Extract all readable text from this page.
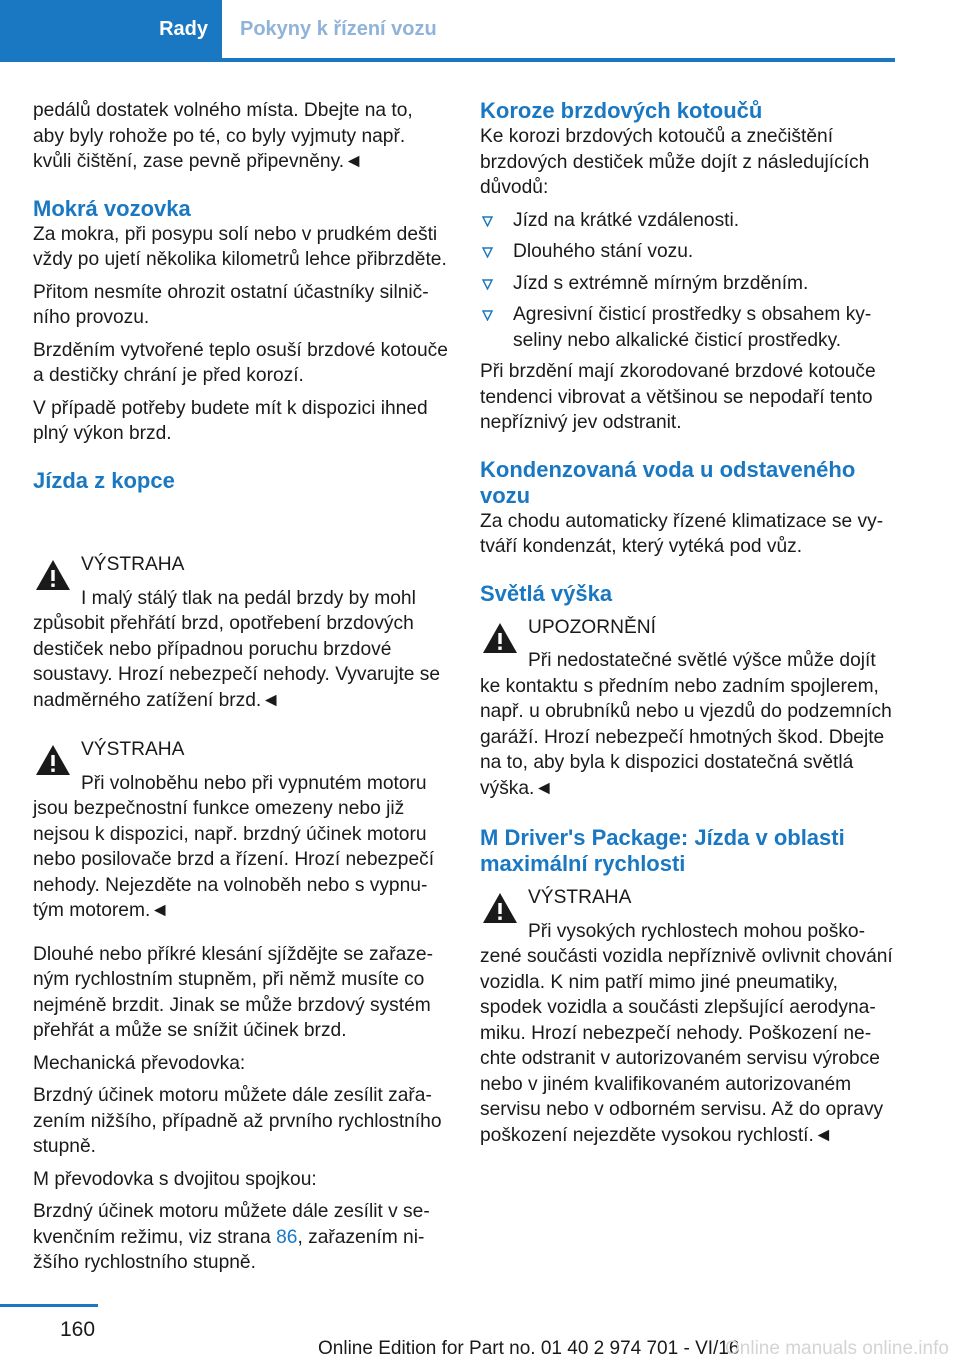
Rady Pokyny k řízení vozu

pedálů dostatek volného místa. Dbejte na to, aby byly rohože po té, co byly vyjmuty např. kvůli čištění, zase pevně připevněny.◄

Mokrá vozovka

Za mokra, při posypu solí nebo v prudkém dešti vždy po ujetí několika kilometrů lehce přibrzděte.

Přitom nesmíte ohrozit ostatní účastníky silničního provozu.

Brzděním vytvořené teplo osuší brzdové kotouče a destičky chrání je před korozí.

V případě potřeby budete mít k dispozici ihned plný výkon brzd.

Jízda z kopce
VÝSTRAHA
I malý stálý tlak na pedál brzdy by mohl způsobit přehřátí brzd, opotřebení brzdových destiček nebo případnou poruchu brzdové soustavy. Hrozí nebezpečí nehody. Vyvarujte se nadměrného zatížení brzd.◄
VÝSTRAHA
Při volnoběhu nebo při vypnutém motoru jsou bezpečnostní funkce omezeny nebo již nejsou k dispozici, např. brzdný účinek motoru nebo posilovače brzd a řízení. Hrozí nebezpečí nehody. Nejezděte na volnoběh nebo s vypnutým motorem.◄

Dlouhé nebo příkré klesání sjíždějte se zařazeným rychlostním stupněm, při němž musíte co nejméně brzdit. Jinak se může brzdový systém přehřát a může se snížit účinek brzd.

Mechanická převodovka:

Brzdný účinek motoru můžete dále zesílit zařazením nižšího, případně až prvního rychlostního stupně.

M převodovka s dvojitou spojkou:

Brzdný účinek motoru můžete dále zesílit v sekvenčním režimu, viz strana 86, zařazením nižšího rychlostního stupně.

Koroze brzdových kotoučů

Ke korozi brzdových kotoučů a znečištění brzdových destiček může dojít z následujících důvodů:

Jízd na krátké vzdálenosti.
Dlouhého stání vozu.
Jízd s extrémně mírným brzděním.
Agresivní čisticí prostředky s obsahem kyseliny nebo alkalické čisticí prostředky.

Při brzdění mají zkorodované brzdové kotouče tendenci vibrovat a většinou se nepodaří tento nepříznivý jev odstranit.

Kondenzovaná voda u odstaveného vozu

Za chodu automaticky řízené klimatizace se vytváří kondenzát, který vytéká pod vůz.

Světlá výška
UPOZORNĚNÍ
Při nedostatečné světlé výšce může dojít ke kontaktu s předním nebo zadním spojlerem, např. u obrubníků nebo u vjezdů do podzemních garáží. Hrozí nebezpečí hmotných škod. Dbejte na to, aby byla k dispozici dostatečná světlá výška.◄
M Driver's Package: Jízda v oblasti maximální rychlosti
VÝSTRAHA
Při vysokých rychlostech mohou poškozené součásti vozidla nepříznivě ovlivnit chování vozidla. K nim patří mimo jiné pneumatiky, spodek vozidla a součásti zlepšující aerodynamiku. Hrozí nebezpečí nehody. Poškození nechte odstranit v autorizovaném servisu výrobce nebo v jiném kvalifikovaném autorizovaném servisu nebo v odborném servisu. Až do opravy poškození nejezděte vysokou rychlostí.◄
160
Online Edition for Part no. 01 40 2 974 701 - VI/16
Online manuals online.info
